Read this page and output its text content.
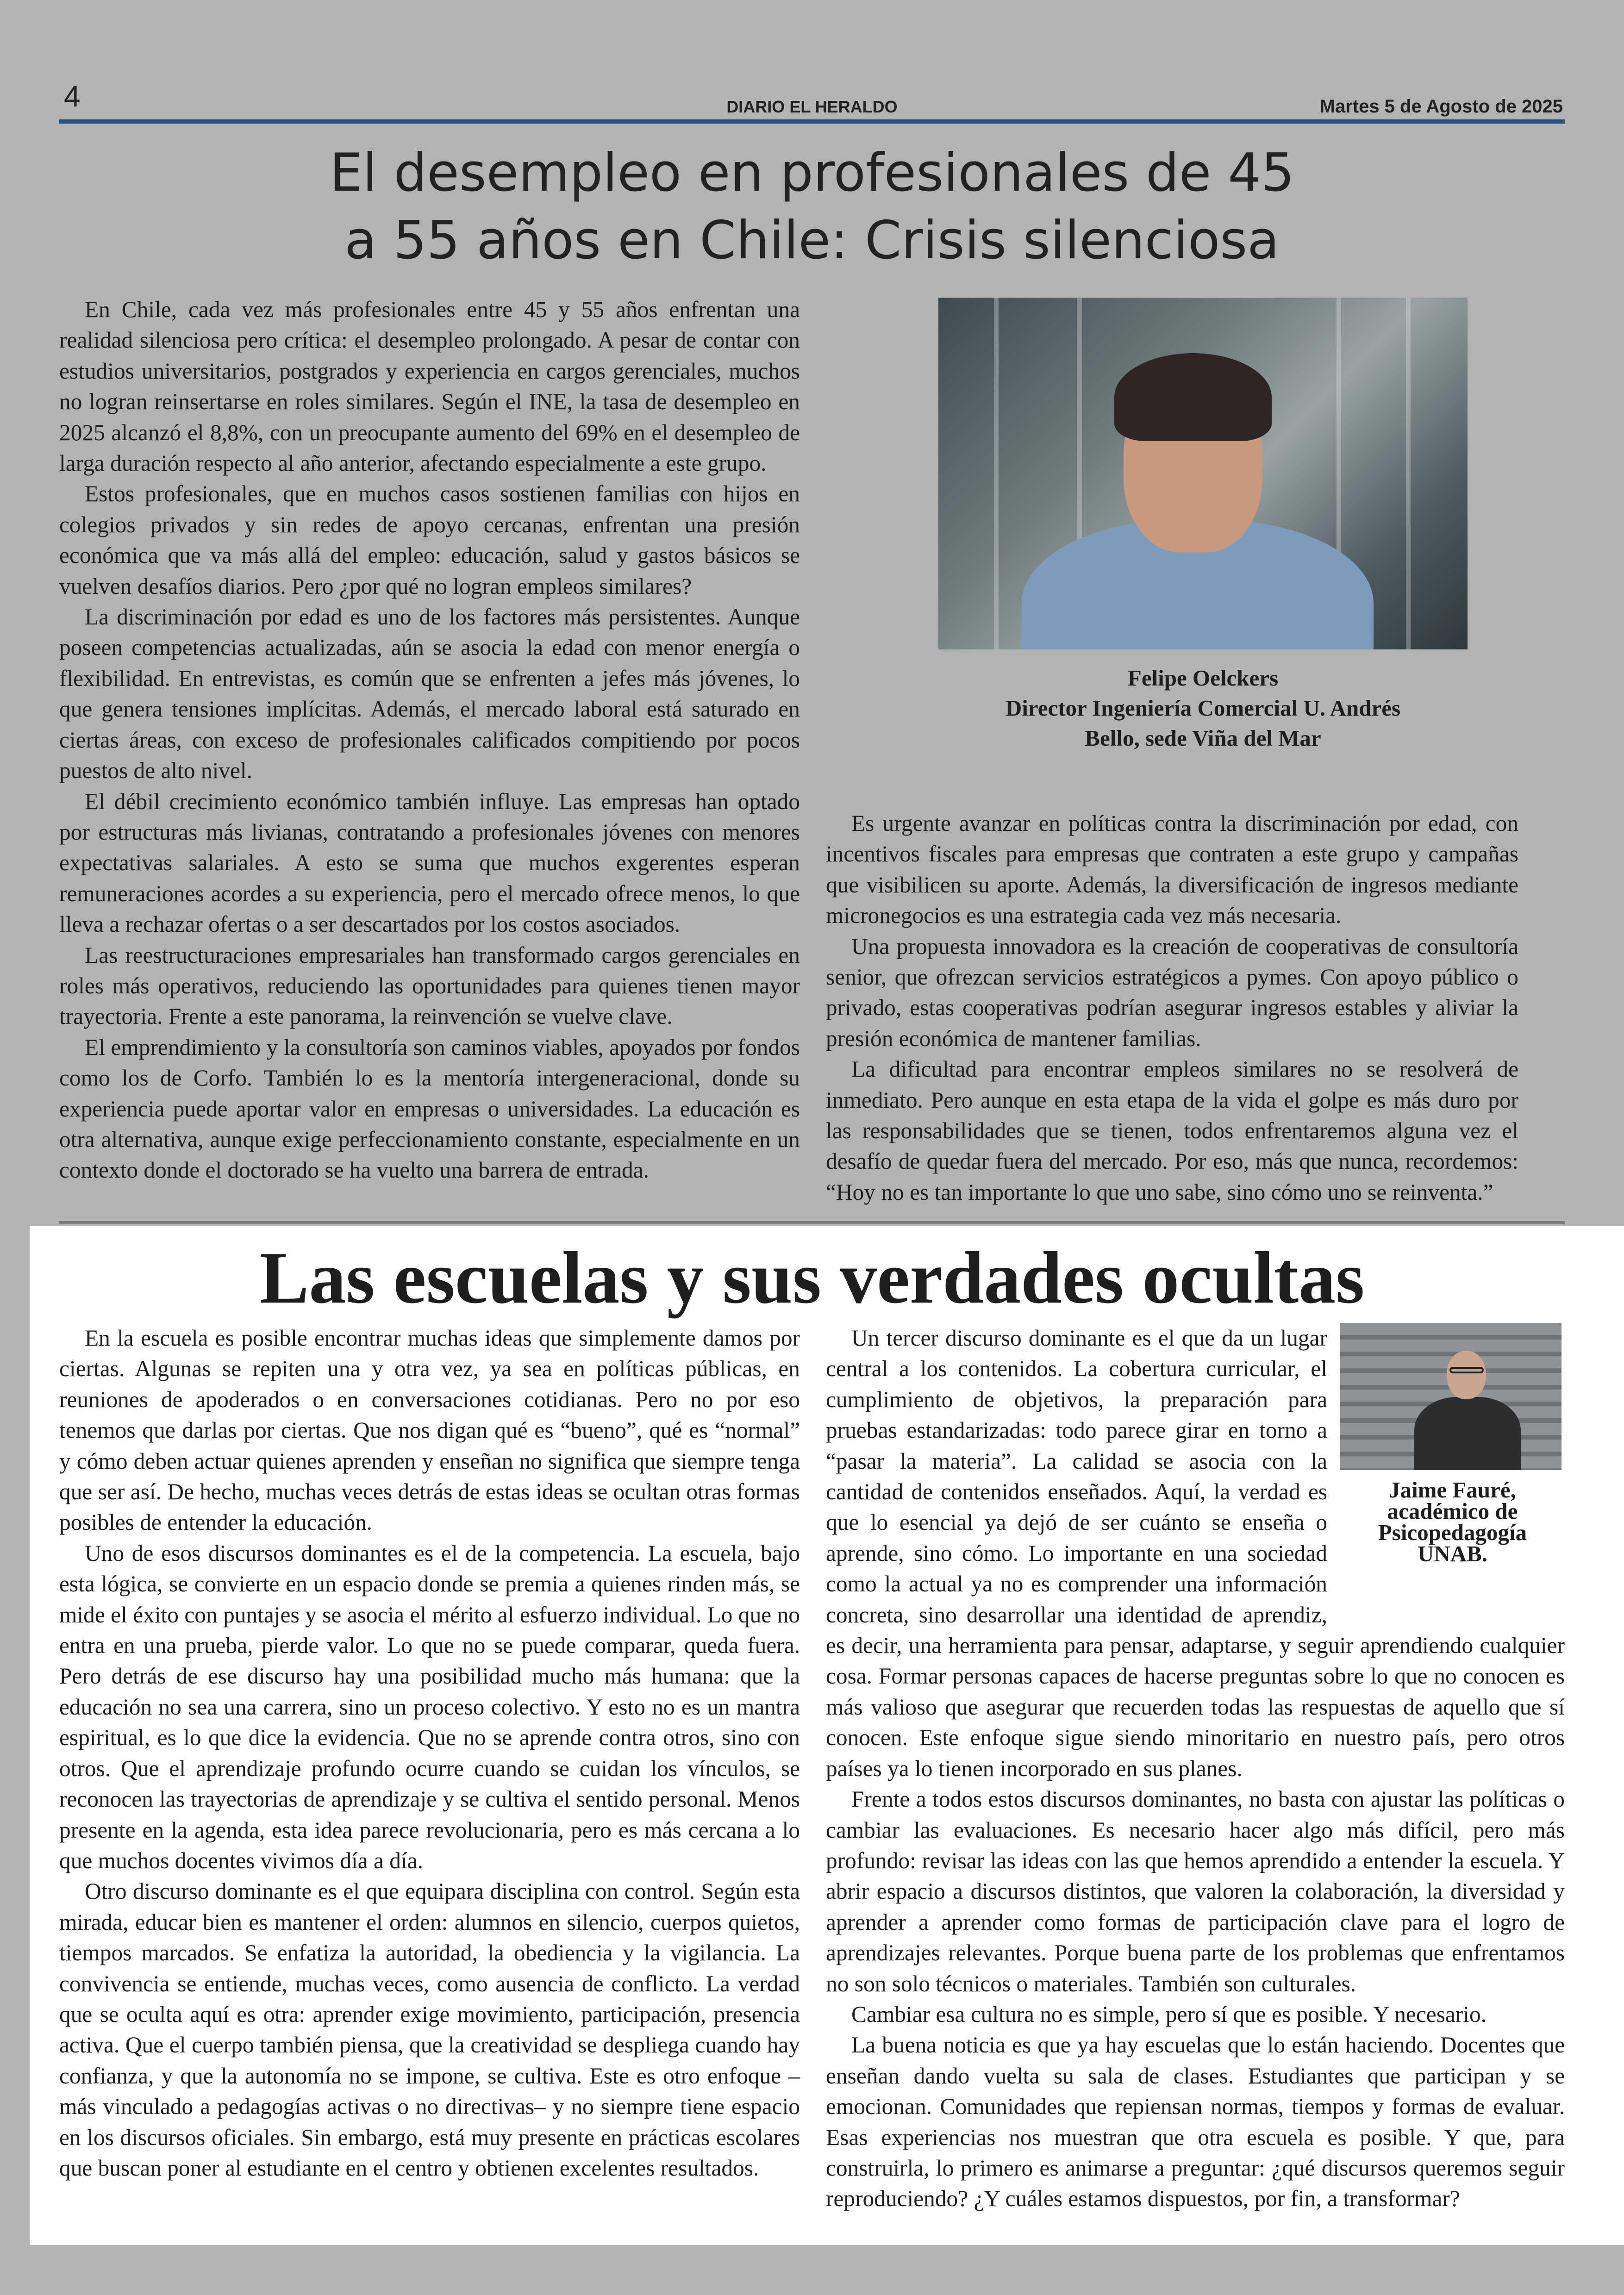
4	DIARIO EL HERALDO	Martes 5 de Agosto de 2025
El desempleo en profesionales de 45
a 55 años en Chile: Crisis silenciosa

En Chile, cada vez más profesionales entre 45 y 55 años enfrentan una realidad silenciosa pero crítica: el desempleo prolongado. A pesar de contar con estudios universitarios, postgrados y experiencia en cargos gerenciales, muchos no logran reinsertarse en roles similares. Según el INE, la tasa de desempleo en 2025 alcanzó el 8,8%, con un preocupante aumento del 69% en el desempleo de larga duración respecto al año anterior, afectando especialmente a este grupo.

Estos profesionales, que en muchos casos sostienen familias con hijos en colegios privados y sin redes de apoyo cercanas, enfrentan una presión económica que va más allá del empleo: educación, salud y gastos básicos se vuelven desafíos diarios. Pero ¿por qué no logran empleos similares?

La discriminación por edad es uno de los factores más persistentes. Aunque poseen competencias actualizadas, aún se asocia la edad con menor energía o flexibilidad. En entrevistas, es común que se enfrenten a jefes más jóvenes, lo que genera tensiones implícitas. Además, el mercado laboral está saturado en ciertas áreas, con exceso de profesionales calificados compitiendo por pocos puestos de alto nivel.

El débil crecimiento económico también influye. Las empresas han optado por estructuras más livianas, contratando a profesionales jóvenes con menores expectativas salariales. A esto se suma que muchos exgerentes esperan remuneraciones acordes a su experiencia, pero el mercado ofrece menos, lo que lleva a rechazar ofertas o a ser descartados por los costos asociados.

Las reestructuraciones empresariales han transformado cargos gerenciales en roles más operativos, reduciendo las oportunidades para quienes tienen mayor trayectoria. Frente a este panorama, la reinvención se vuelve clave.

El emprendimiento y la consultoría son caminos viables, apoyados por fondos como los de Corfo. También lo es la mentoría intergeneracional, donde su experiencia puede aportar valor en empresas o universidades. La educación es otra alternativa, aunque exige perfeccionamiento constante, especialmente en un contexto donde el doctorado se ha vuelto una barrera de entrada.

Felipe Oelckers
Director Ingeniería Comercial U. Andrés
Bello, sede Viña del Mar

Es urgente avanzar en políticas contra la discriminación por edad, con incentivos fiscales para empresas que contraten a este grupo y campañas que visibilicen su aporte. Además, la diversificación de ingresos mediante micronegocios es una estrategia cada vez más necesaria.

Una propuesta innovadora es la creación de cooperativas de consultoría senior, que ofrezcan servicios estratégicos a pymes. Con apoyo público o privado, estas cooperativas podrían asegurar ingresos estables y aliviar la presión económica de mantener familias.

La dificultad para encontrar empleos similares no se resolverá de inmediato. Pero aunque en esta etapa de la vida el golpe es más duro por las responsabilidades que se tienen, todos enfrentaremos alguna vez el desafío de quedar fuera del mercado. Por eso, más que nunca, recordemos: “Hoy no es tan importante lo que uno sabe, sino cómo uno se reinventa.”

Las escuelas y sus verdades ocultas

En la escuela es posible encontrar muchas ideas que simplemente damos por ciertas. Algunas se repiten una y otra vez, ya sea en políticas públicas, en reuniones de apoderados o en conversaciones cotidianas. Pero no por eso tenemos que darlas por ciertas. Que nos digan qué es “bueno”, qué es “normal” y cómo deben actuar quienes aprenden y enseñan no significa que siempre tenga que ser así. De hecho, muchas veces detrás de estas ideas se ocultan otras formas posibles de entender la educación.

Uno de esos discursos dominantes es el de la competencia. La escuela, bajo esta lógica, se convierte en un espacio donde se premia a quienes rinden más, se mide el éxito con puntajes y se asocia el mérito al esfuerzo individual. Lo que no entra en una prueba, pierde valor. Lo que no se puede comparar, queda fuera. Pero detrás de ese discurso hay una posibilidad mucho más humana: que la educación no sea una carrera, sino un proceso colectivo. Y esto no es un mantra espiritual, es lo que dice la evidencia. Que no se aprende contra otros, sino con otros. Que el aprendizaje profundo ocurre cuando se cuidan los vínculos, se reconocen las trayectorias de aprendizaje y se cultiva el sentido personal. Menos presente en la agenda, esta idea parece revolucionaria, pero es más cercana a lo que muchos docentes vivimos día a día.

Otro discurso dominante es el que equipara disciplina con control. Según esta mirada, educar bien es mantener el orden: alumnos en silencio, cuerpos quietos, tiempos marcados. Se enfatiza la autoridad, la obediencia y la vigilancia. La convivencia se entiende, muchas veces, como ausencia de conflicto. La verdad que se oculta aquí es otra: aprender exige movimiento, participación, presencia activa. Que el cuerpo también piensa, que la creatividad se despliega cuando hay confianza, y que la autonomía no se impone, se cultiva. Este es otro enfoque –más vinculado a pedagogías activas o no directivas– y no siempre tiene espacio en los discursos oficiales. Sin embargo, está muy presente en prácticas escolares que buscan poner al estudiante en el centro y obtienen excelentes resultados.

Jaime Fauré,
académico de
Psicopedagogía
UNAB.

Un tercer discurso dominante es el que da un lugar central a los contenidos. La cobertura curricular, el cumplimiento de objetivos, la preparación para pruebas estandarizadas: todo parece girar en torno a “pasar la materia”. La calidad se asocia con la cantidad de contenidos enseñados. Aquí, la verdad es que lo esencial ya dejó de ser cuánto se enseña o aprende, sino cómo. Lo importante en una sociedad como la actual ya no es comprender una información concreta, sino desarrollar una identidad de aprendiz, es decir, una herramienta para pensar, adaptarse, y seguir aprendiendo cualquier cosa. Formar personas capaces de hacerse preguntas sobre lo que no conocen es más valioso que asegurar que recuerden todas las respuestas de aquello que sí conocen. Este enfoque sigue siendo minoritario en nuestro país, pero otros países ya lo tienen incorporado en sus planes.

Frente a todos estos discursos dominantes, no basta con ajustar las políticas o cambiar las evaluaciones. Es necesario hacer algo más difícil, pero más profundo: revisar las ideas con las que hemos aprendido a entender la escuela. Y abrir espacio a discursos distintos, que valoren la colaboración, la diversidad y aprender a aprender como formas de participación clave para el logro de aprendizajes relevantes. Porque buena parte de los problemas que enfrentamos no son solo técnicos o materiales. También son culturales.

Cambiar esa cultura no es simple, pero sí que es posible. Y necesario.

La buena noticia es que ya hay escuelas que lo están haciendo. Docentes que enseñan dando vuelta su sala de clases. Estudiantes que participan y se emocionan. Comunidades que repiensan normas, tiempos y formas de evaluar. Esas experiencias nos muestran que otra escuela es posible. Y que, para construirla, lo primero es animarse a preguntar: ¿qué discursos queremos seguir reproduciendo? ¿Y cuáles estamos dispuestos, por fin, a transformar?
